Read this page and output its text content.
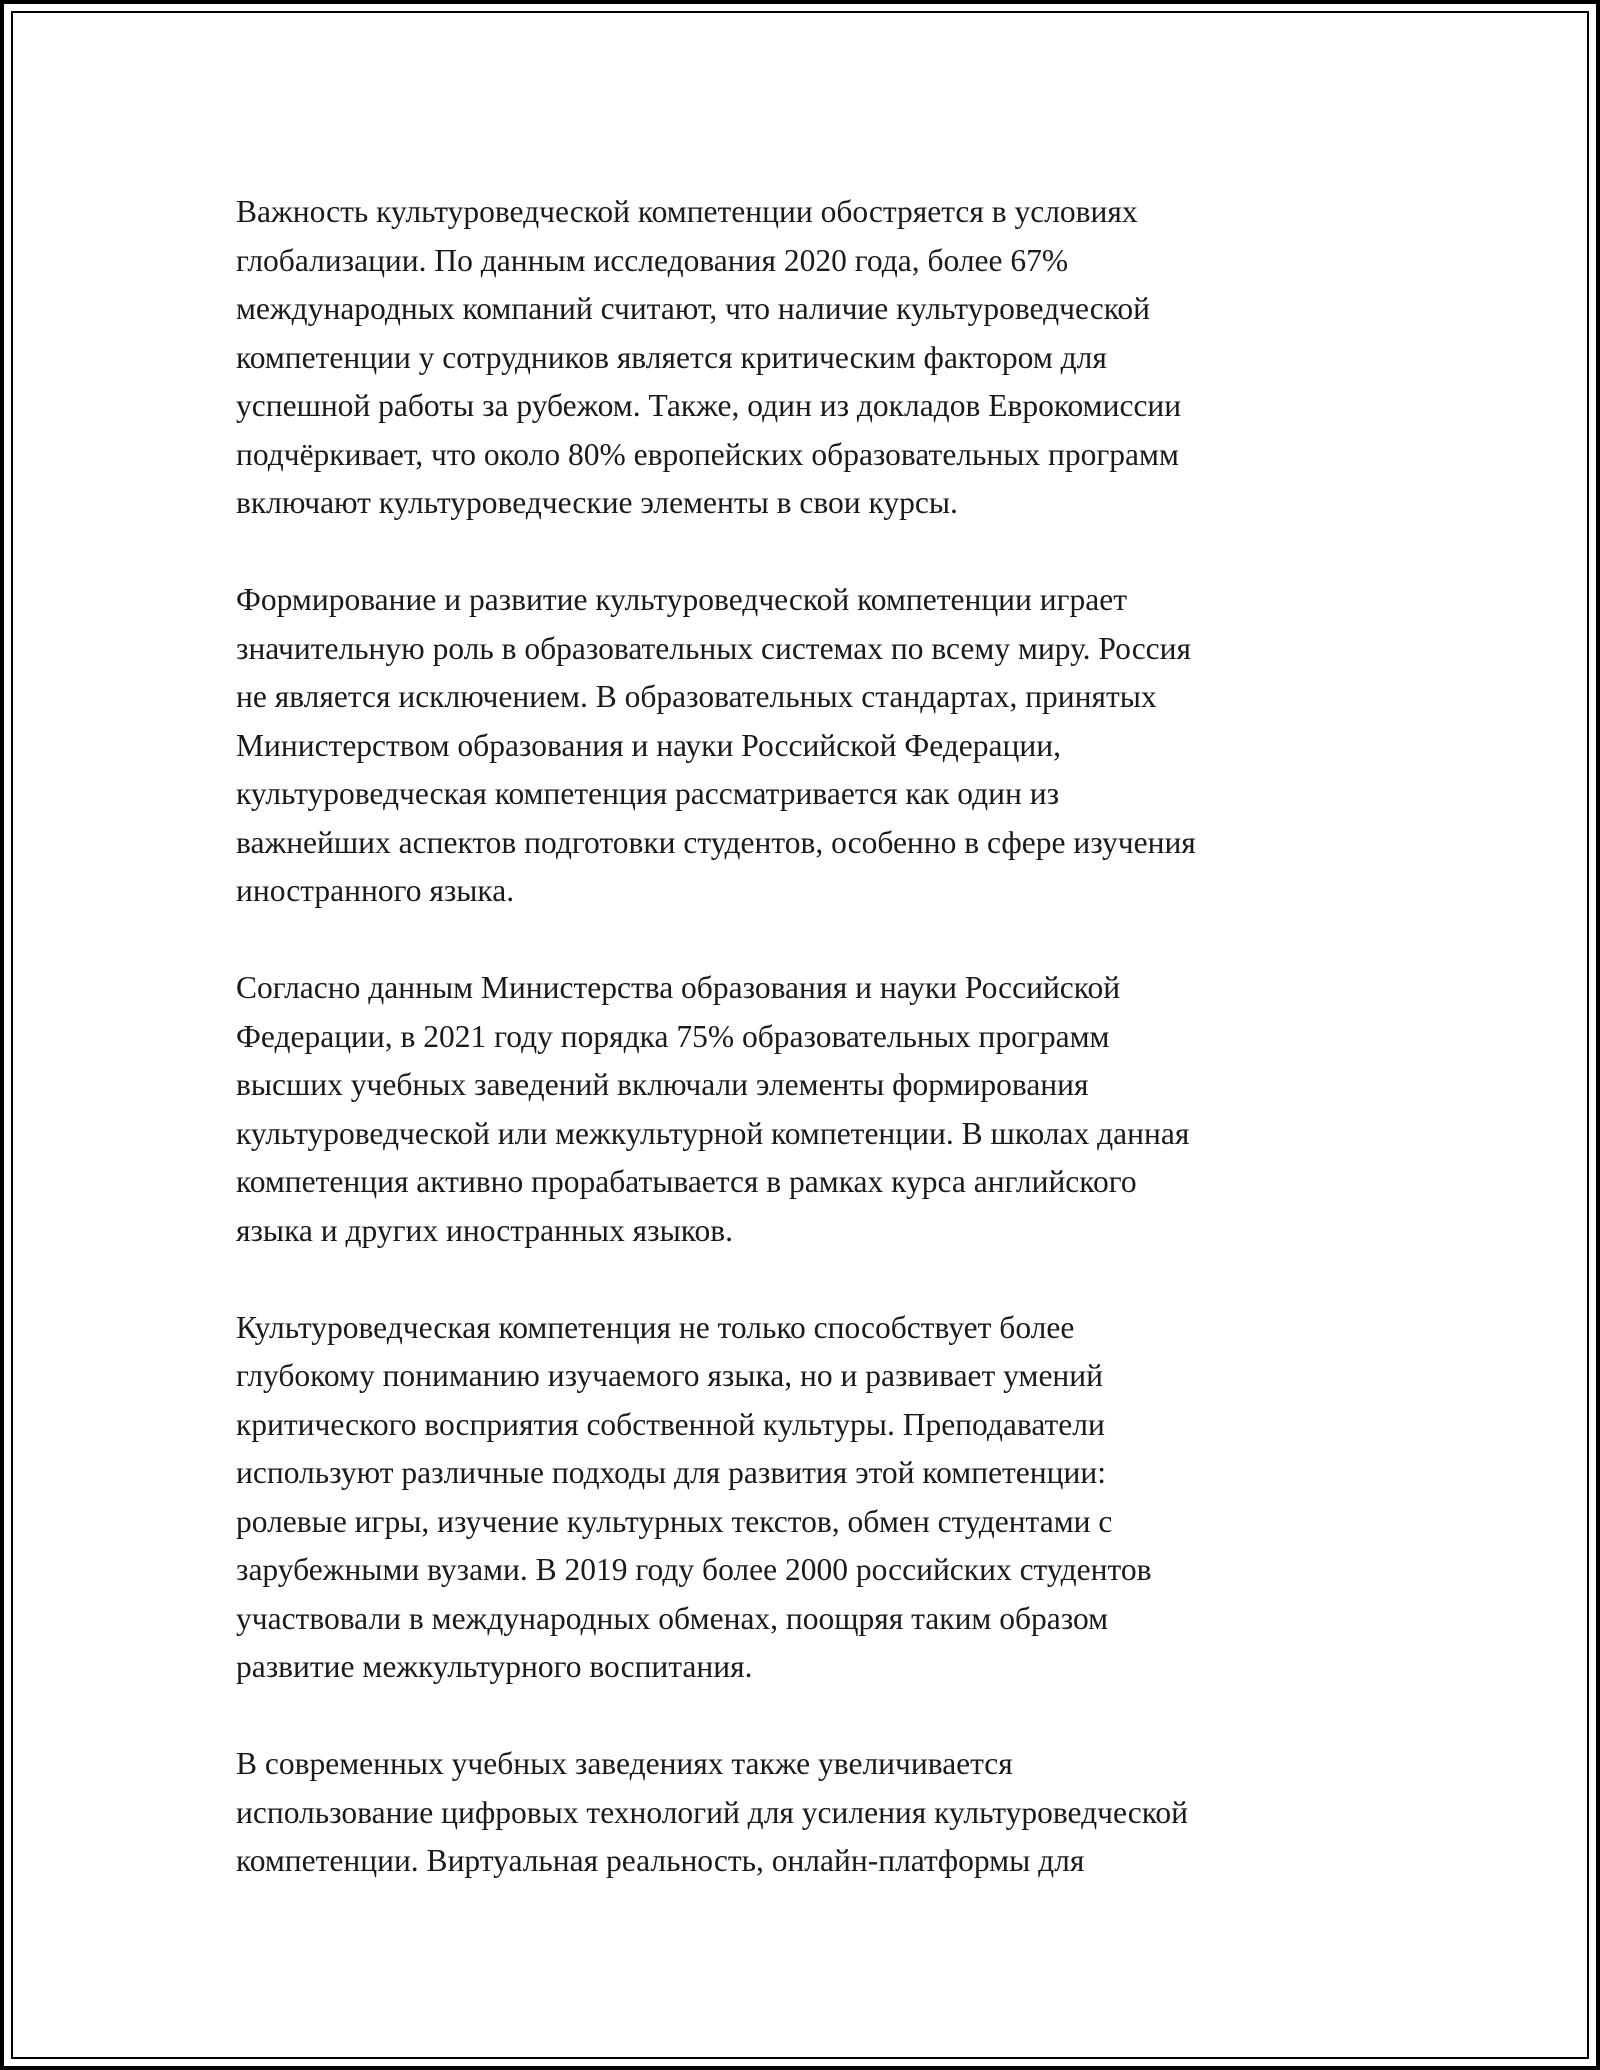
Важность культуроведческой компетенции обостряется в условиях
глобализации. По данным исследования 2020 года, более 67%
международных компаний считают, что наличие культуроведческой
компетенции у сотрудников является критическим фактором для
успешной работы за рубежом. Также, один из докладов Еврокомиссии
подчёркивает, что около 80% европейских образовательных программ
включают культуроведческие элементы в свои курсы.

Формирование и развитие культуроведческой компетенции играет
значительную роль в образовательных системах по всему миру. Россия
не является исключением. В образовательных стандартах, принятых
Министерством образования и науки Российской Федерации,
культуроведческая компетенция рассматривается как один из
важнейших аспектов подготовки студентов, особенно в сфере изучения
иностранного языка.

Согласно данным Министерства образования и науки Российской
Федерации, в 2021 году порядка 75% образовательных программ
высших учебных заведений включали элементы формирования
культуроведческой или межкультурной компетенции. В школах данная
компетенция активно прорабатывается в рамках курса английского
языка и других иностранных языков.

Культуроведческая компетенция не только способствует более
глубокому пониманию изучаемого языка, но и развивает умений
критического восприятия собственной культуры. Преподаватели
используют различные подходы для развития этой компетенции:
ролевые игры, изучение культурных текстов, обмен студентами с
зарубежными вузами. В 2019 году более 2000 российских студентов
участвовали в международных обменах, поощряя таким образом
развитие межкультурного воспитания.

В современных учебных заведениях также увеличивается
использование цифровых технологий для усиления культуроведческой
компетенции. Виртуальная реальность, онлайн-платформы для
